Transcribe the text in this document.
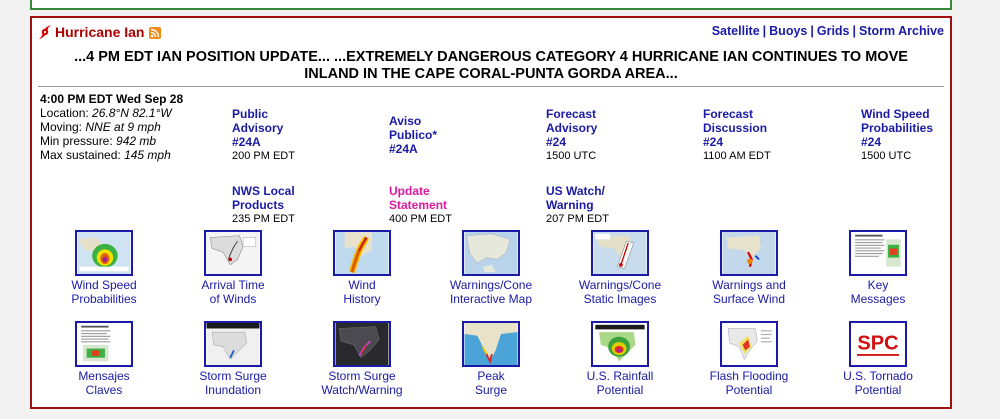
Hurricane Ian	Satellite | Buoys | Grids | Storm Archive
...4 PM EDT IAN POSITION UPDATE... ...EXTREMELY DANGEROUS CATEGORY 4 HURRICANE IAN CONTINUES TO MOVE
INLAND IN THE CAPE CORAL-PUNTA GORDA AREA...
4:00 PM EDT Wed Sep 28
Location: 26.8°N 82.1°W
Moving: NNE at 9 mph
Min pressure: 942 mb
Max sustained: 145 mph
Public
Advisory
#24A
200 PM EDT
Aviso
Publico*
#24A
Forecast
Advisory
#24
1500 UTC
Forecast
Discussion
#24
1100 AM EDT
Wind Speed
Probabilities
#24
1500 UTC
NWS Local
Products
235 PM EDT
Update
Statement
400 PM EDT
US Watch/
Warning
207 PM EDT
Wind Speed
Probabilities
Arrival Time
of Winds
Wind
History
Warnings/Cone
Interactive Map
Warnings/Cone
Static Images
Warnings and
Surface Wind
Key
Messages
Mensajes
Claves
Storm Surge
Inundation
Storm Surge
Watch/Warning
Peak
Surge
U.S. Rainfall
Potential
Flash Flooding
Potential
SPC
U.S. Tornado
Potential
